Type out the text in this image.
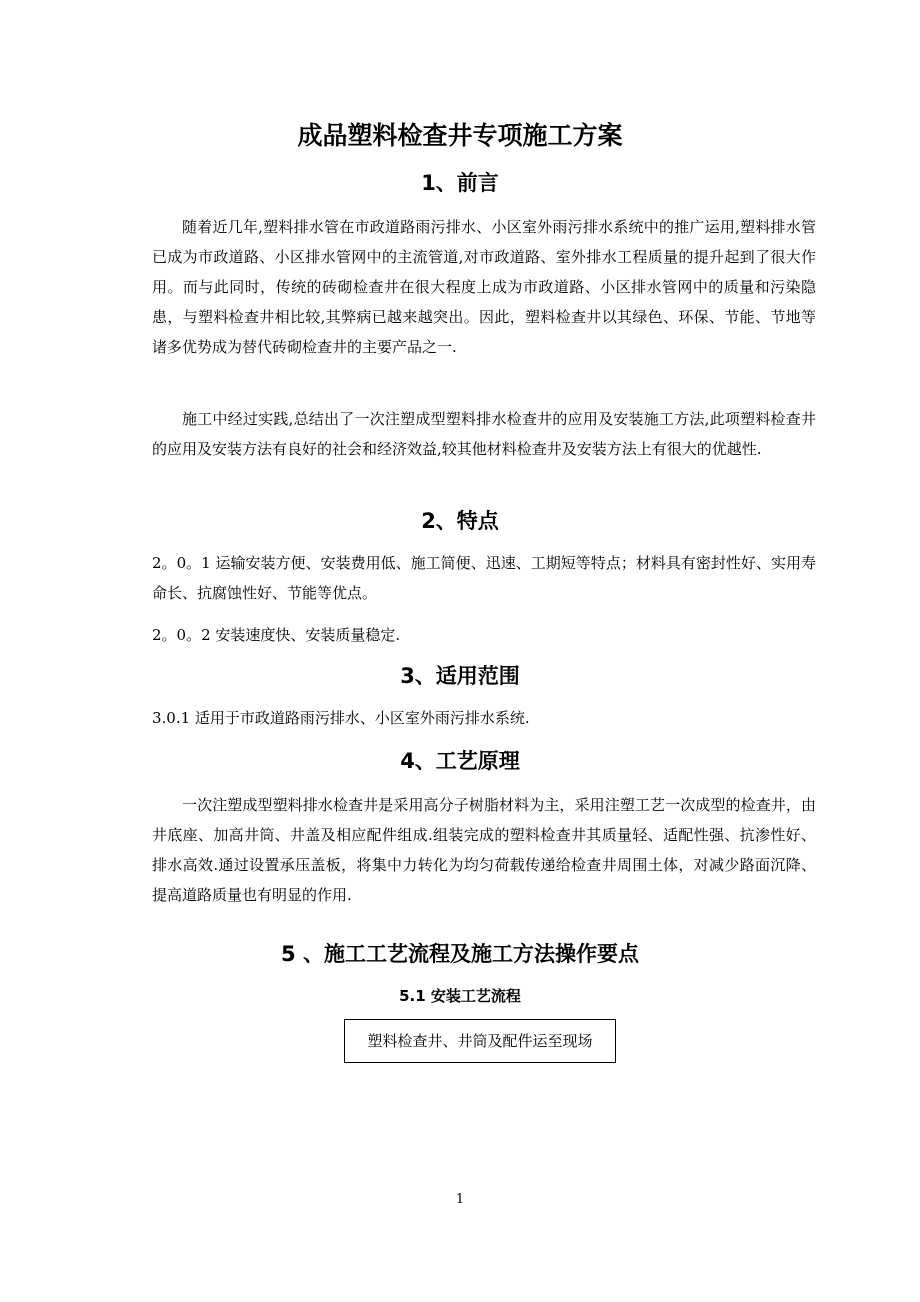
成品塑料检查井专项施工方案
1、前言

随着近几年,塑料排水管在市政道路雨污排水、小区室外雨污排水系统中的推广运用,塑料排水管已成为市政道路、小区排水管网中的主流管道,对市政道路、室外排水工程质量的提升起到了很大作用。而与此同时，传统的砖砌检查井在很大程度上成为市政道路、小区排水管网中的质量和污染隐患，与塑料检查井相比较,其弊病已越来越突出。因此，塑料检查井以其绿色、环保、节能、节地等诸多优势成为替代砖砌检查井的主要产品之一.

施工中经过实践,总结出了一次注塑成型塑料排水检查井的应用及安装施工方法,此项塑料检查井的应用及安装方法有良好的社会和经济效益,较其他材料检查井及安装方法上有很大的优越性.

2、特点

2。0。1 运输安装方便、安装费用低、施工简便、迅速、工期短等特点；材料具有密封性好、实用寿命长、抗腐蚀性好、节能等优点。

2。0。2 安装速度快、安装质量稳定.

3、适用范围

3.0.1 适用于市政道路雨污排水、小区室外雨污排水系统.

4、工艺原理

一次注塑成型塑料排水检查井是采用高分子树脂材料为主，采用注塑工艺一次成型的检查井，由井底座、加高井筒、井盖及相应配件组成.组装完成的塑料检查井其质量轻、适配性强、抗渗性好、排水高效.通过设置承压盖板，将集中力转化为均匀荷载传递给检查井周围土体，对减少路面沉降、提高道路质量也有明显的作用.

5 、施工工艺流程及施工方法操作要点
5.1 安装工艺流程
塑料检查井、井筒及配件运至现场
1
